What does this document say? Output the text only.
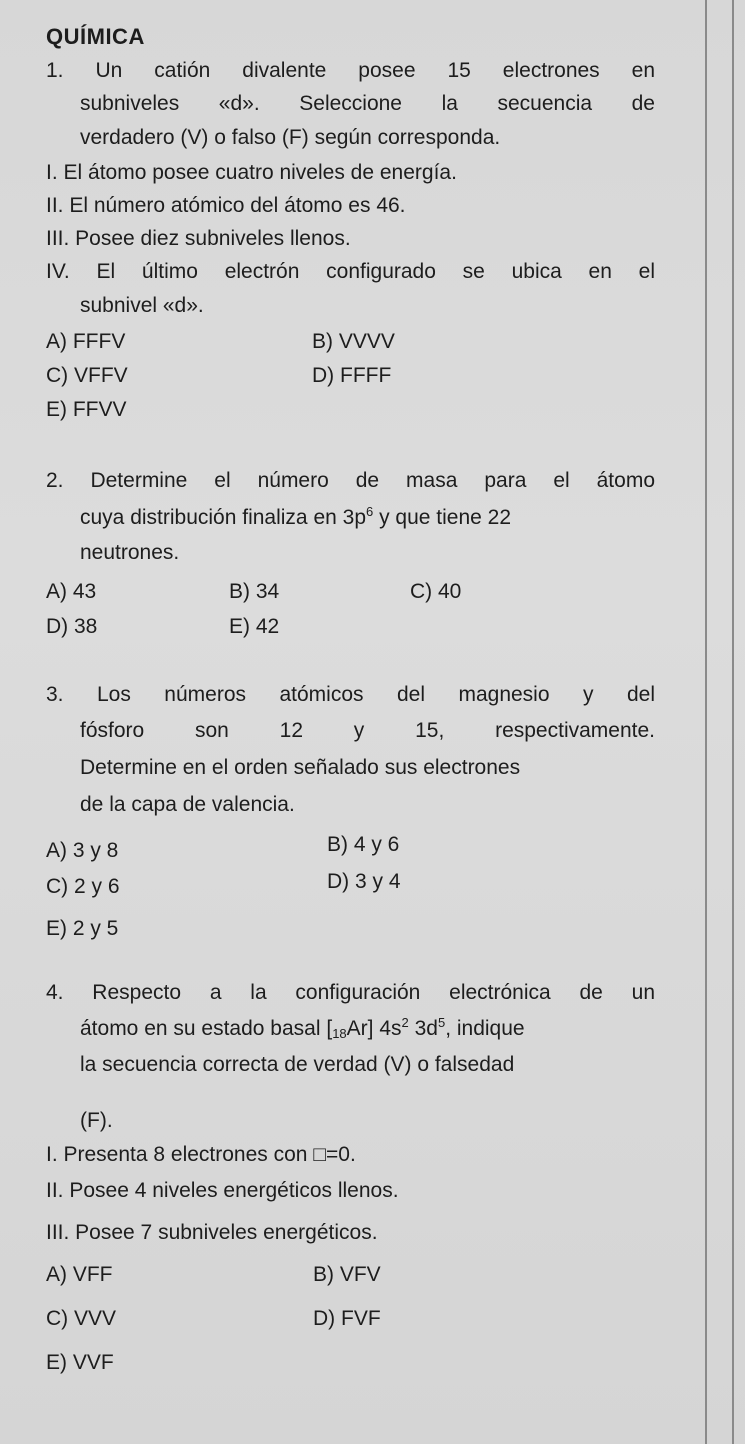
QUÍMICA
1. Un catión divalente posee 15 electrones en
subniveles «d». Seleccione la secuencia de
verdadero (V) o falso (F) según corresponda.
I. El átomo posee cuatro niveles de energía.
II. El número atómico del átomo es 46.
III. Posee diez subniveles llenos.
IV. El último electrón configurado se ubica en el
subnivel «d».
A) FFFV	B) VVVV
C) VFFV	D) FFFF
E) FFVV
2. Determine el número de masa para el átomo
cuya distribución finaliza en $3p^6$ y que tiene 22
neutrones.
A) 43	B) 34	C) 40
D) 38	E) 42
3. Los números atómicos del magnesio y del
fósforo son 12 y 15, respectivamente.
Determine en el orden señalado sus electrones
de la capa de valencia.
A) 3 y 8	B) 4 y 6
C) 2 y 6	D) 3 y 4
E) 2 y 5
4. Respecto a la configuración electrónica de un
átomo en su estado basal $[_{18}Ar]$ $4s^2$ $3d^5$, indique
la secuencia correcta de verdad (V) o falsedad
(F).
I. Presenta 8 electrones con □=0.
II. Posee 4 niveles energéticos llenos.
III. Posee 7 subniveles energéticos.
A) VFF	B) VFV
C) VVV	D) FVF
E) VVF
